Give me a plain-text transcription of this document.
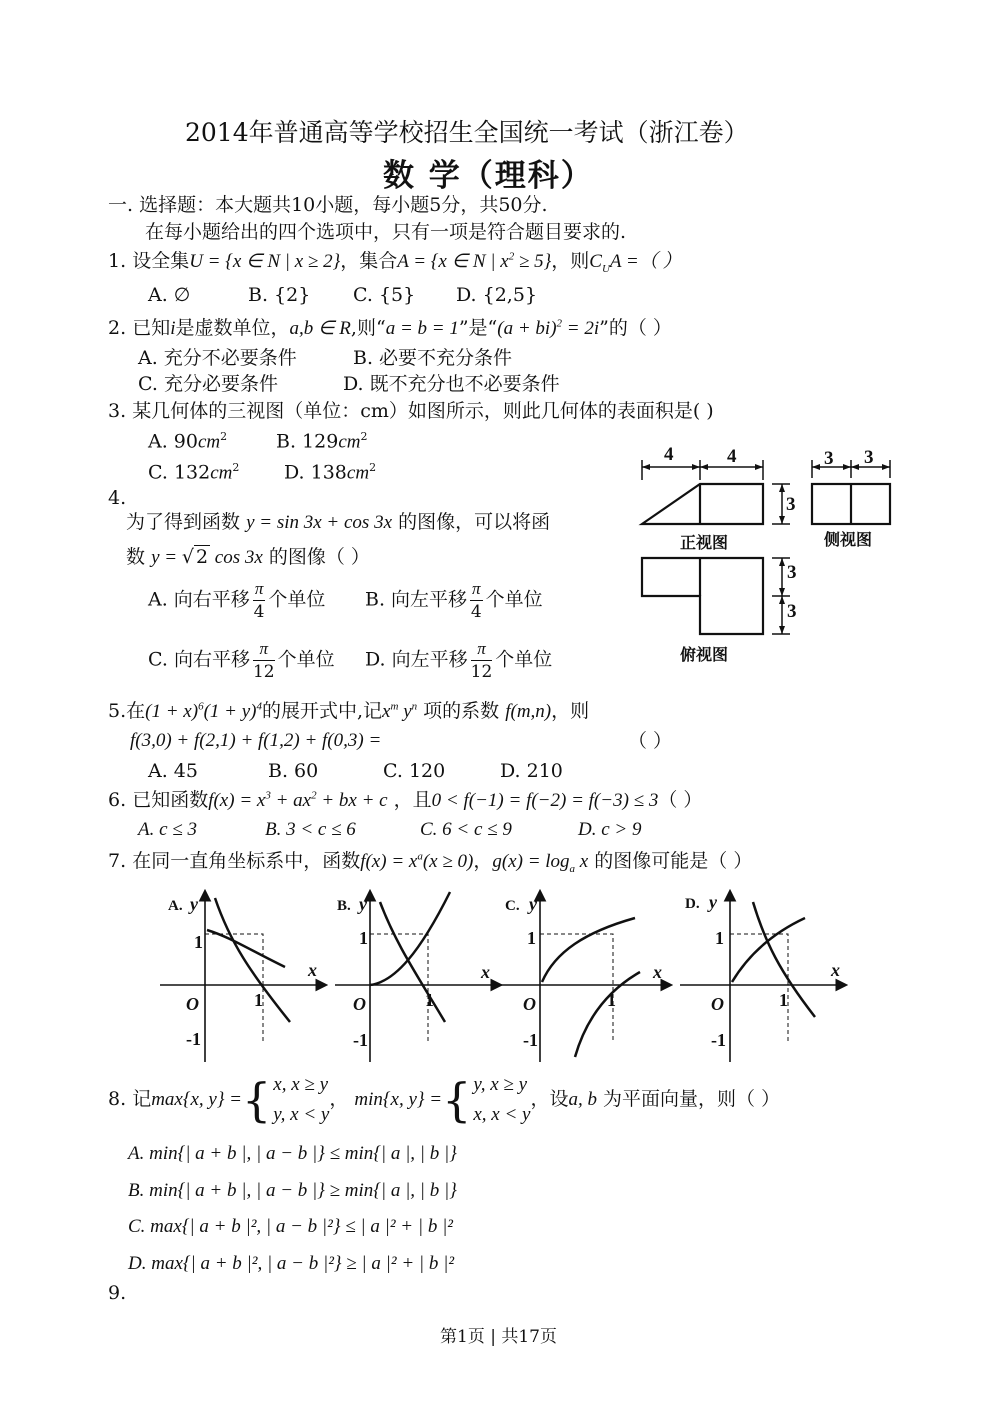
2014年普通高等学校招生全国统一考试（浙江卷）
数 学（理科）
一. 选择题：本大题共10小题，每小题5分，共50分.
在每小题给出的四个选项中，只有一项是符合题目要求的.
1. 设全集U = {x ∈ N | x ≥ 2}，集合A = {x ∈ N | $x^2 \ge 5$}，则$C_UA$ =（ ）
A. ∅	B. {2} C. {5} D. {2,5}
2. 已知i是虚数单位，a,b ∈ R,则“a = b = 1”是“(a + bi)$^2$ = 2i”的（ ）
A. 充分不必要条件	B. 必要不充分条件
C. 充分必要条件	D. 既不充分也不必要条件
3. 某几何体的三视图（单位：cm）如图所示，则此几何体的表面积是( )
A. $90cm^2$	B. $129cm^2$
C. $132cm^2$ D. $138cm^2$
4	4	3 3
3
3
3
正视图	侧视图
俯视图
4.
为了得到函数 y = sin 3x + cos 3x 的图像，可以将函
数 y = √ 2 cos 3x 的图像（ ）
A. 向右平移 $\frac{\pi}{4}$ 个单位 B. 向左平移 $\frac{\pi}{4}$ 个单位
C. 向右平移 $\frac{\pi}{12}$ 个单位 D. 向左平移 $\frac{\pi}{12}$ 个单位
5.在$(1 + x)^6(1 + y)^4$的展开式中,记$x^m$ $y^n$ 项的系数 f(m,n)，则
f(3,0) + f(2,1) + f(1,2) + f(0,3) =	（ ）
A. 45	B. 60	C. 120	D. 210
6. 已知函数$f(x) = x^3 + ax^2$ + bx + c ，且0 < f(−1) = f(−2) = f(−3) ≤ 3（ ）
A. c ≤ 3	B. 3 < c ≤ 6	C. 6 < c ≤ 9	D. c > 9
7. 在同一直角坐标系中，函数$f(x) = x^a(x \ge 0)$，$g(x) = \log_a x$ 的图像可能是（ ）
A. y
1
x
O	1
-1
B. y
1
x
O	1
-1
C. y
1
x
O	1
-1
D. y
1
x
O	1
-1
8. 记max{x, y} ={ x, x ≥ y
y, x < y
， min{x, y} ={ y, x ≥ y
x, x < y
，设a, b 为平面向量，则（ ）
A. min{| a + b |, | a − b |} ≤ min{| a |, | b |}
B. min{| a + b |, | a − b |} ≥ min{| a |, | b |}
C. max{| a + b |², | a − b |²} ≤ | a |² + | b |²
D. max{| a + b |², | a − b |²} ≥ | a |² + | b |²
9.
第1页 | 共17页
